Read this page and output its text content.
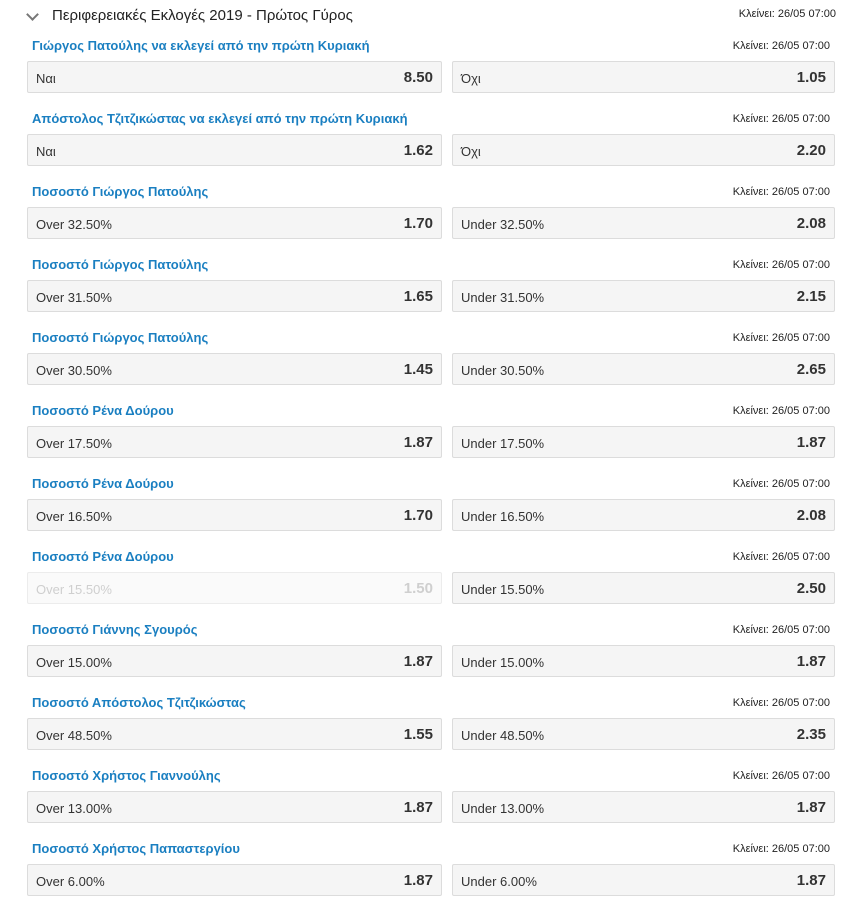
Περιφερειακές Εκλογές 2019 - Πρώτος Γύρος	Κλείνει: 26/05 07:00
Γιώργος Πατούλης να εκλεγεί από την πρώτη Κυριακή	Κλείνει: 26/05 07:00
Ναι	8.50 Όχι	1.05
Απόστολος Τζιτζικώστας να εκλεγεί από την πρώτη Κυριακή	Κλείνει: 26/05 07:00
Ναι	1.62 Όχι	2.20
Ποσοστό Γιώργος Πατούλης	Κλείνει: 26/05 07:00
Over 32.50%	1.70 Under 32.50%	2.08
Ποσοστό Γιώργος Πατούλης	Κλείνει: 26/05 07:00
Over 31.50%	1.65 Under 31.50%	2.15
Ποσοστό Γιώργος Πατούλης	Κλείνει: 26/05 07:00
Over 30.50%	1.45 Under 30.50%	2.65
Ποσοστό Ρένα Δούρου	Κλείνει: 26/05 07:00
Over 17.50%	1.87 Under 17.50%	1.87
Ποσοστό Ρένα Δούρου	Κλείνει: 26/05 07:00
Over 16.50%	1.70 Under 16.50%	2.08
Ποσοστό Ρένα Δούρου	Κλείνει: 26/05 07:00
Over 15.50%	1.50 Under 15.50%	2.50
Ποσοστό Γιάννης Σγουρός	Κλείνει: 26/05 07:00
Over 15.00%	1.87 Under 15.00%	1.87
Ποσοστό Απόστολος Τζιτζικώστας	Κλείνει: 26/05 07:00
Over 48.50%	1.55 Under 48.50%	2.35
Ποσοστό Χρήστος Γιαννούλης	Κλείνει: 26/05 07:00
Over 13.00%	1.87 Under 13.00%	1.87
Ποσοστό Χρήστος Παπαστεργίου	Κλείνει: 26/05 07:00
Over 6.00%	1.87 Under 6.00%	1.87
